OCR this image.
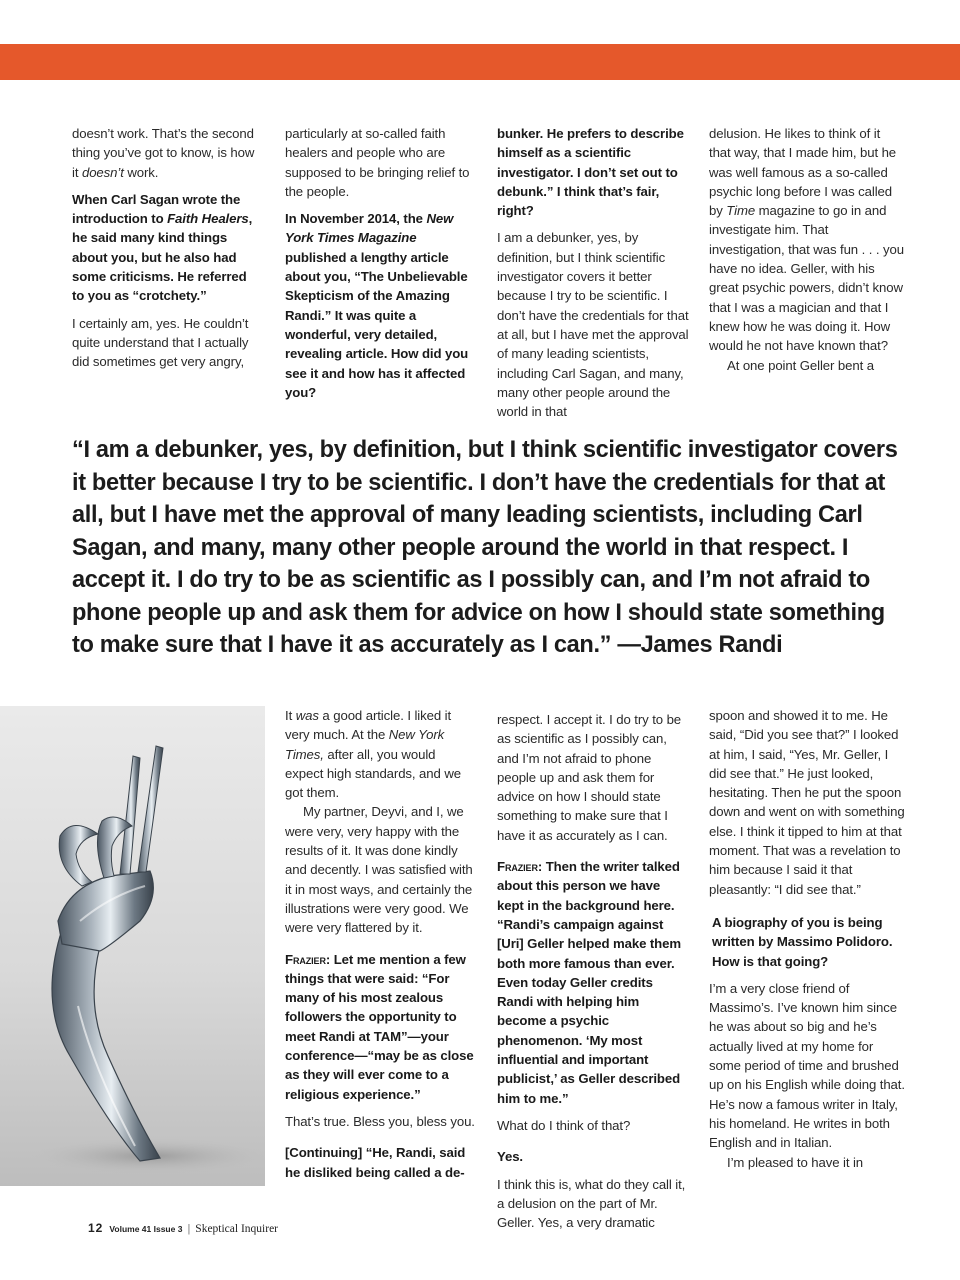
doesn’t work. That’s the second thing you’ve got to know, is how it doesn’t work.

When Carl Sagan wrote the introduction to Faith Healers, he said many kind things about you, but he also had some criticisms. He referred to you as “crotchety.”

I certainly am, yes. He couldn’t quite understand that I actually did sometimes get very angry,

particularly at so-called faith healers and people who are supposed to be bringing relief to the people.

In November 2014, the New York Times Magazine published a lengthy article about you, “The Unbelievable Skepticism of the Amazing Randi.” It was quite a wonderful, very detailed, revealing article. How did you see it and how has it affected you?

bunker. He prefers to describe himself as a scientific investigator. I don’t set out to debunk.” I think that’s fair, right?

I am a debunker, yes, by definition, but I think scientific investigator covers it better because I try to be scientific. I don’t have the credentials for that at all, but I have met the approval of many leading scientists, including Carl Sagan, and many, many other people around the world in that

delusion. He likes to think of it that way, that I made him, but he was well famous as a so-called psychic long before I was called by Time magazine to go in and investigate him. That investigation, that was fun . . . you have no idea. Geller, with his great psychic powers, didn’t know that I was a magician and that I knew how he was doing it. How would he not have known that?

At one point Geller bent a

“I am a debunker, yes, by definition, but I think scientific investigator covers it better because I try to be scientific. I don’t have the credentials for that at all, but I have met the approval of many leading scientists, including Carl Sagan, and many, many other people around the world in that respect. I accept it. I do try to be as scientific as I possibly can, and I’m not afraid to phone people up and ask them for advice on how I should state something to make sure that I have it as accurately as I can.” —James Randi

It was a good article. I liked it very much. At the New York Times, after all, you would expect high standards, and we got them.

My partner, Deyvi, and I, we were very, very happy with the results of it. It was done kindly and decently. I was satisfied with it in most ways, and certainly the illustrations were very good. We were very flattered by it.

Frazier: Let me mention a few things that were said: “For many of his most zealous followers the opportunity to meet Randi at TAM”—your conference—“may be as close as they will ever come to a religious experience.”

That’s true. Bless you, bless you.

[Continuing] “He, Randi, said he disliked being called a de-

respect. I accept it. I do try to be as scientific as I possibly can, and I’m not afraid to phone people up and ask them for advice on how I should state something to make sure that I have it as accurately as I can.

Frazier: Then the writer talked about this person we have kept in the background here. “Randi’s campaign against [Uri] Geller helped make them both more famous than ever. Even today Geller credits Randi with helping him become a psychic phenomenon. ‘My most influential and important publicist,’ as Geller described him to me.”

What do I think of that?

Yes.

I think this is, what do they call it, a delusion on the part of Mr. Geller. Yes, a very dramatic

spoon and showed it to me. He said, “Did you see that?” I looked at him, I said, “Yes, Mr. Geller, I did see that.” He just looked, hesitating. Then he put the spoon down and went on with something else. I think it tipped to him at that moment. That was a revelation to him because I said it that pleasantly: “I did see that.”

A biography of you is being written by Massimo Polidoro. How is that going?

I’m a very close friend of Massimo’s. I’ve known him since he was about so big and he’s actually lived at my home for some period of time and brushed up on his English while doing that. He’s now a famous writer in Italy, his homeland. He writes in both English and in Italian.

I’m pleased to have it in

12 Volume 41 Issue 3 | Skeptical Inquirer
